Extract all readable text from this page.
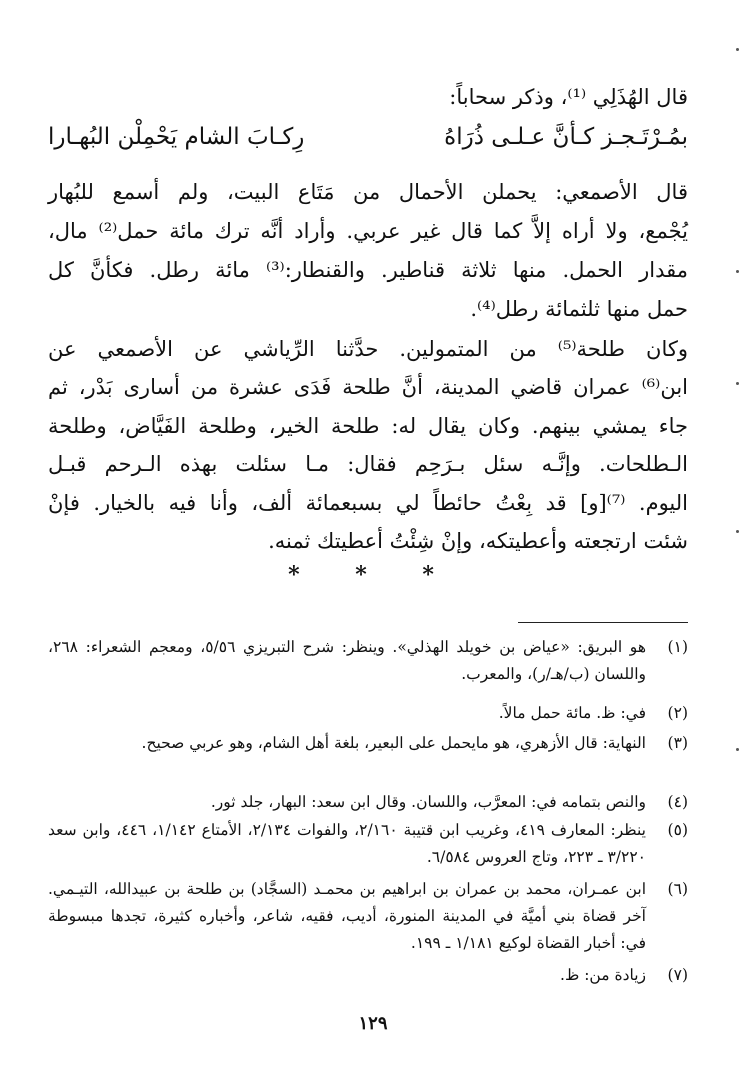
قال الهُذَلِي ⁽¹⁾، وذكر سحاباً:
بمُـرْتَـجـز كـأنَّ عـلـى ذُرَاهُ
رِكـابَ الشام يَحْمِلْن البُهـارا
قال الأصمعي: يحملن الأحمال من مَتَاع البيت، ولم أسمع للبُهار
يُجْمع، ولا أراه إلاَّ كما قال غير عربي. وأراد أنَّه ترك مائة حمل⁽²⁾ مال،
مقدار الحمل. منها ثلاثة قناطير. والقنطار:⁽³⁾ مائة رطل. فكأنَّ كل
حمل منها ثلثمائة رطل⁽⁴⁾.
وكان طلحة⁽⁵⁾ من المتمولين. حدَّثنا الرِّياشي عن الأصمعي عن
ابن⁽⁶⁾ عمران قاضي المدينة، أنَّ طلحة فَدَى عشرة من أسارى بَدْر، ثم
جاء يمشي بينهم. وكان يقال له: طلحة الخير، وطلحة الفَيَّاض، وطلحة
الـطلحات. وإنَّـه سئل بـرَحِم فقال: مـا سئلت بهذه الـرحم قبـل
اليوم. ⁽⁷⁾[و] قد بِعْتُ حائطاً لي بسبعمائة ألف، وأنا فيه بالخيار. فإنْ
شئت ارتجعته وأعطيتكه، وإنْ شِئْتُ أعطيتك ثمنه.
* * *
(١)
هو البريق: «عياض بن خويلد الهذلي». وينظر: شرح التبريزي ٥/٥٦، ومعجم الشعراء: ٢٦٨، واللسان (ب/هـ/ر)، والمعرب.
(٢)
في: ظ. مائة حمل مالاً.
(٣)
النهاية: قال الأزهري، هو مايحمل على البعير، بلغة أهل الشام، وهو عربي صحيح.
(٤)
والنص بتمامه في: المعرَّب، واللسان. وقال ابن سعد: البهار، جلد ثور.
(٥)
ينظر: المعارف ٤١٩، وغريب ابن قتيبة ٢/١٦٠، والفوات ٢/١٣٤، الأمتاع ١/١٤٢، ٤٤٦، وابن سعد ٣/٢٢٠ ـ ٢٢٣، وتاج العروس ٦/٥٨٤.
(٦)
ابن عمـران، محمد بن عمران بن ابراهيم بن محمـد (السجَّاد) بن طلحة بن عبيدالله، التيـمي. آخر قضاة بني أميَّة في المدينة المنورة، أديب، فقيه، شاعر، وأخباره كثيرة، تجدها مبسوطة في: أخبار القضاة لوكيع ١/١٨١ ـ ١٩٩.
(٧)
زيادة من: ظ.
١٢٩
